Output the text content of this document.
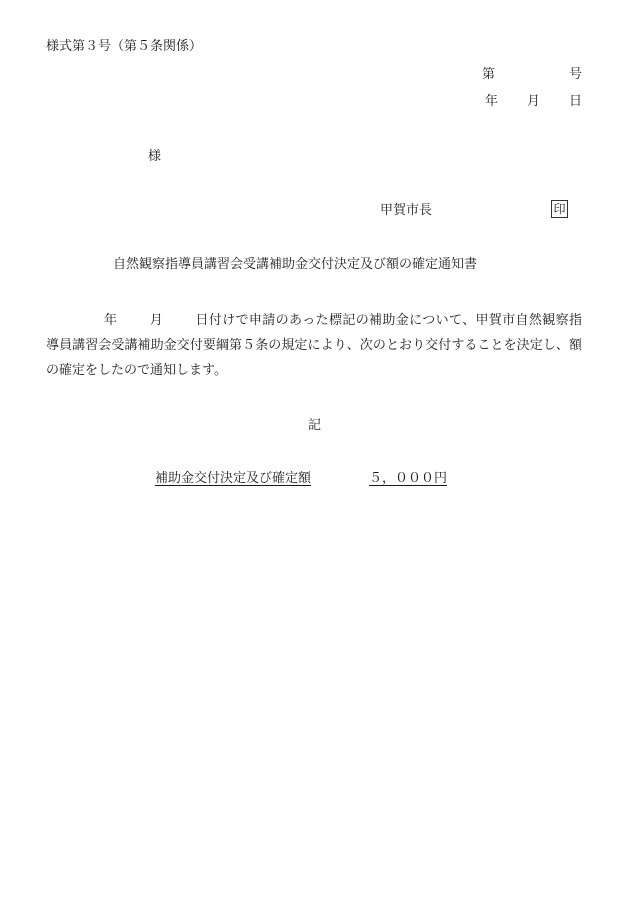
様式第３号（第５条関係）
第	号
年 月 日
様
甲賀市長	印
自然観察指導員講習会受講補助金交付決定及び額の確定通知書
年 月 日付けで申請のあった標記の補助金について、甲賀市自然観察指導員講習会受講補助金交付要綱第５条の規定により、次のとおり交付することを決定し、額の確定をしたので通知します。
記
補助金交付決定及び確定額	５，０００円
